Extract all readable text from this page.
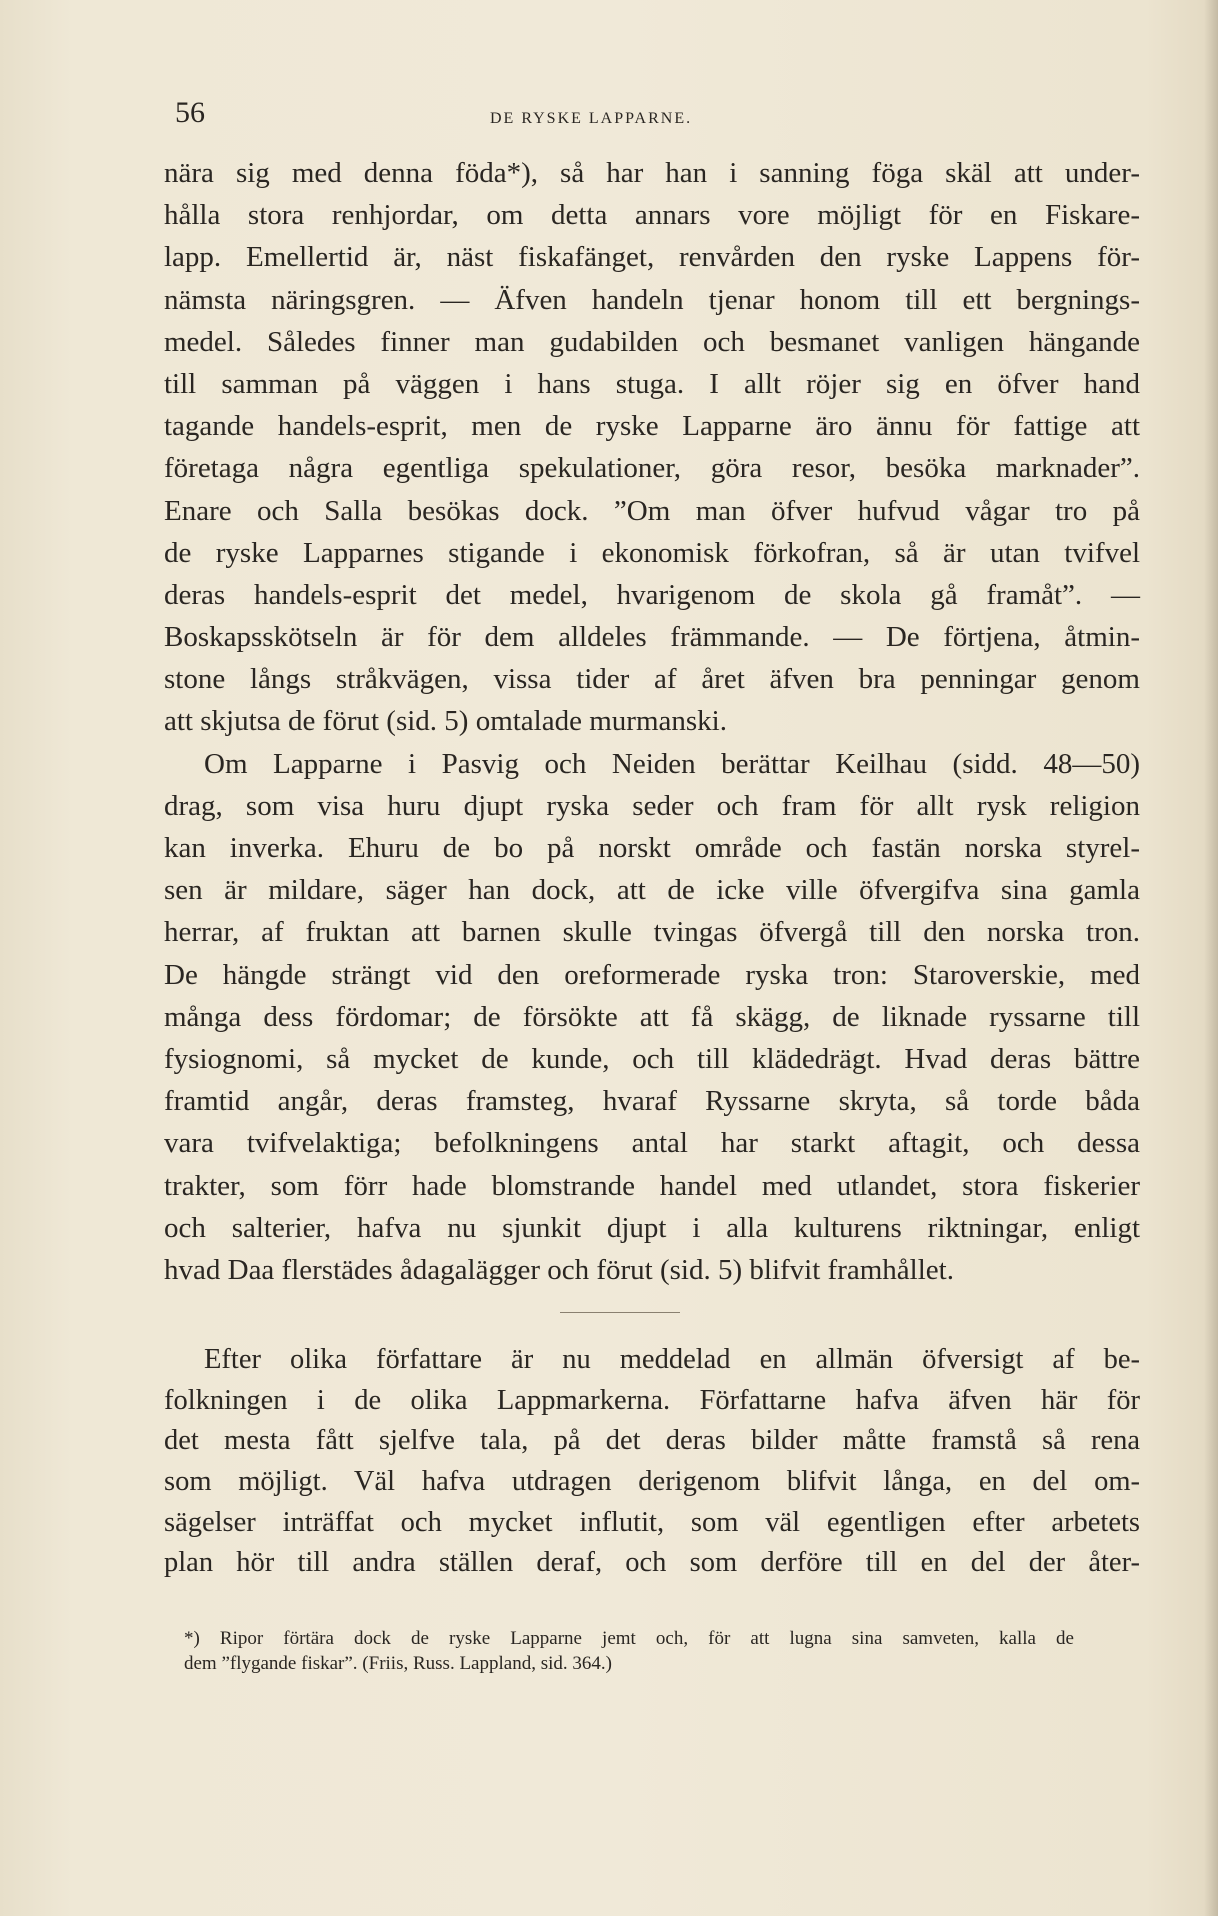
56	DE RYSKE LAPPARNE.
nära sig med denna föda*), så har han i sanning föga skäl att under-
hålla stora renhjordar, om detta annars vore möjligt för en Fiskare-
lapp. Emellertid är, näst fiskafänget, renvården den ryske Lappens för-
nämsta näringsgren. — Äfven handeln tjenar honom till ett bergnings-
medel. Således finner man gudabilden och besmanet vanligen hängande
till samman på väggen i hans stuga. I allt röjer sig en öfver hand
tagande handels-esprit, men de ryske Lapparne äro ännu för fattige att
företaga några egentliga spekulationer, göra resor, besöka marknader”.
Enare och Salla besökas dock. ”Om man öfver hufvud vågar tro på
de ryske Lapparnes stigande i ekonomisk förkofran, så är utan tvifvel
deras handels-esprit det medel, hvarigenom de skola gå framåt”. —
Boskapsskötseln är för dem alldeles främmande. — De förtjena, åtmin-
stone långs stråkvägen, vissa tider af året äfven bra penningar genom
att skjutsa de förut (sid. 5) omtalade murmanski.
Om Lapparne i Pasvig och Neiden berättar Keilhau (sidd. 48—50)
drag, som visa huru djupt ryska seder och fram för allt rysk religion
kan inverka. Ehuru de bo på norskt område och fastän norska styrel-
sen är mildare, säger han dock, att de icke ville öfvergifva sina gamla
herrar, af fruktan att barnen skulle tvingas öfvergå till den norska tron.
De hängde strängt vid den oreformerade ryska tron: Staroverskie, med
många dess fördomar; de försökte att få skägg, de liknade ryssarne till
fysiognomi, så mycket de kunde, och till klädedrägt. Hvad deras bättre
framtid angår, deras framsteg, hvaraf Ryssarne skryta, så torde båda
vara tvifvelaktiga; befolkningens antal har starkt aftagit, och dessa
trakter, som förr hade blomstrande handel med utlandet, stora fiskerier
och salterier, hafva nu sjunkit djupt i alla kulturens riktningar, enligt
hvad Daa flerstädes ådagalägger och förut (sid. 5) blifvit framhållet.
Efter olika författare är nu meddelad en allmän öfversigt af be-
folkningen i de olika Lappmarkerna. Författarne hafva äfven här för
det mesta fått sjelfve tala, på det deras bilder måtte framstå så rena
som möjligt. Väl hafva utdragen derigenom blifvit långa, en del om-
sägelser inträffat och mycket influtit, som väl egentligen efter arbetets
plan hör till andra ställen deraf, och som derföre till en del der åter-
*) Ripor förtära dock de ryske Lapparne jemt och, för att lugna sina samveten, kalla de
dem ”flygande fiskar”. (Friis, Russ. Lappland, sid. 364.)
